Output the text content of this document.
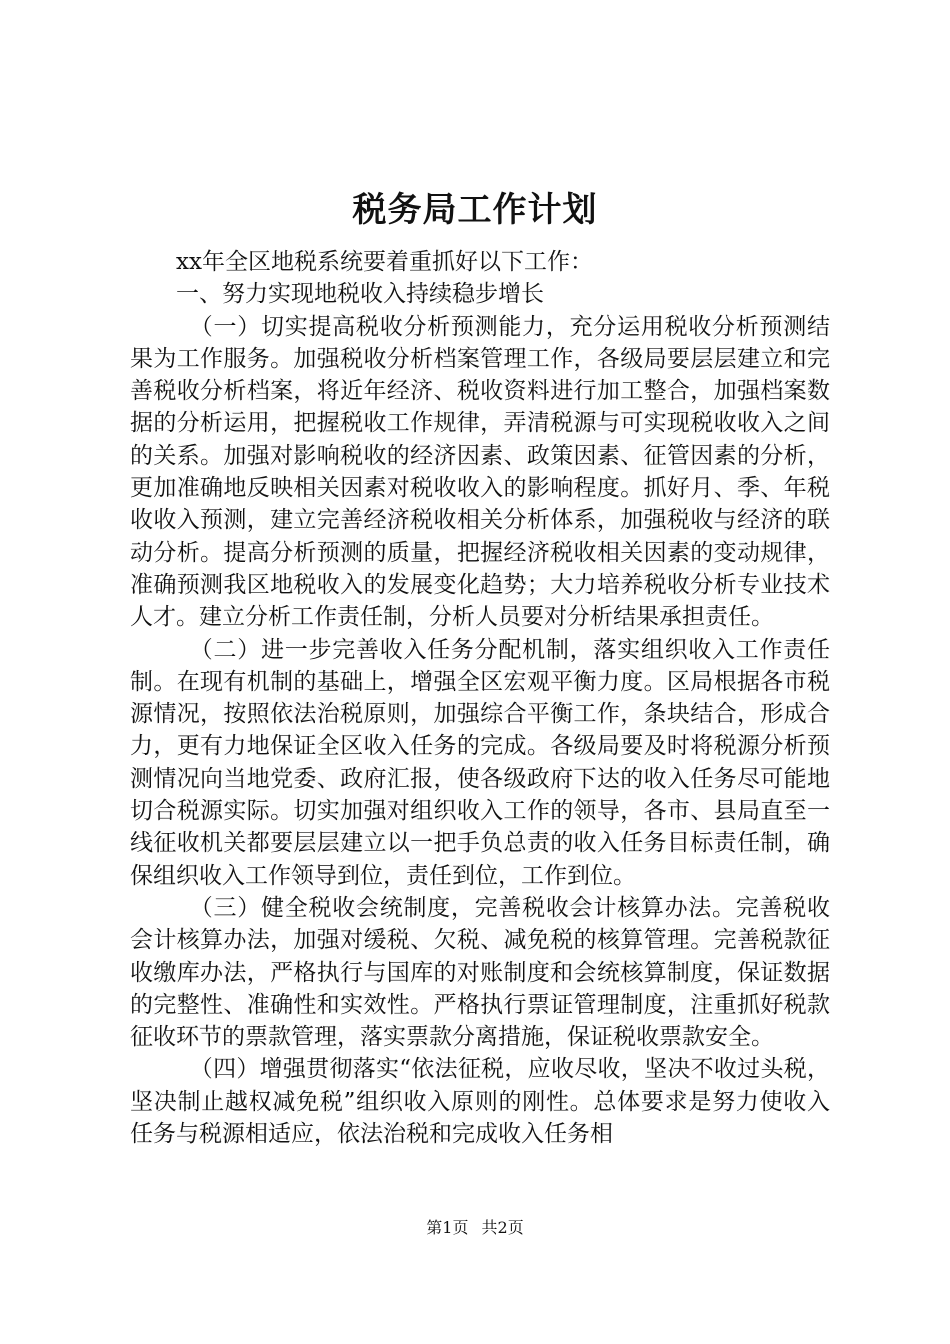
税务局工作计划

xx年全区地税系统要着重抓好以下工作：

一、努力实现地税收入持续稳步增长

（一）切实提高税收分析预测能力，充分运用税收分析预测结果为工作服务。加强税收分析档案管理工作，各级局要层层建立和完善税收分析档案，将近年经济、税收资料进行加工整合，加强档案数据的分析运用，把握税收工作规律，弄清税源与可实现税收收入之间的关系。加强对影响税收的经济因素、政策因素、征管因素的分析，更加准确地反映相关因素对税收收入的影响程度。抓好月、季、年税收收入预测，建立完善经济税收相关分析体系，加强税收与经济的联动分析。提高分析预测的质量，把握经济税收相关因素的变动规律，准确预测我区地税收入的发展变化趋势；大力培养税收分析专业技术人才。建立分析工作责任制，分析人员要对分析结果承担责任。

（二）进一步完善收入任务分配机制，落实组织收入工作责任制。在现有机制的基础上，增强全区宏观平衡力度。区局根据各市税源情况，按照依法治税原则，加强综合平衡工作，条块结合，形成合力，更有力地保证全区收入任务的完成。各级局要及时将税源分析预测情况向当地党委、政府汇报，使各级政府下达的收入任务尽可能地切合税源实际。切实加强对组织收入工作的领导，各市、县局直至一线征收机关都要层层建立以一把手负总责的收入任务目标责任制，确保组织收入工作领导到位，责任到位，工作到位。

（三）健全税收会统制度，完善税收会计核算办法。完善税收会计核算办法，加强对缓税、欠税、减免税的核算管理。完善税款征收缴库办法，严格执行与国库的对账制度和会统核算制度，保证数据的完整性、准确性和实效性。严格执行票证管理制度，注重抓好税款征收环节的票款管理，落实票款分离措施，保证税收票款安全。

（四）增强贯彻落实“依法征税，应收尽收，坚决不收过头税，坚决制止越权减免税”组织收入原则的刚性。总体要求是努力使收入任务与税源相适应，依法治税和完成收入任务相

第1页 共2页
